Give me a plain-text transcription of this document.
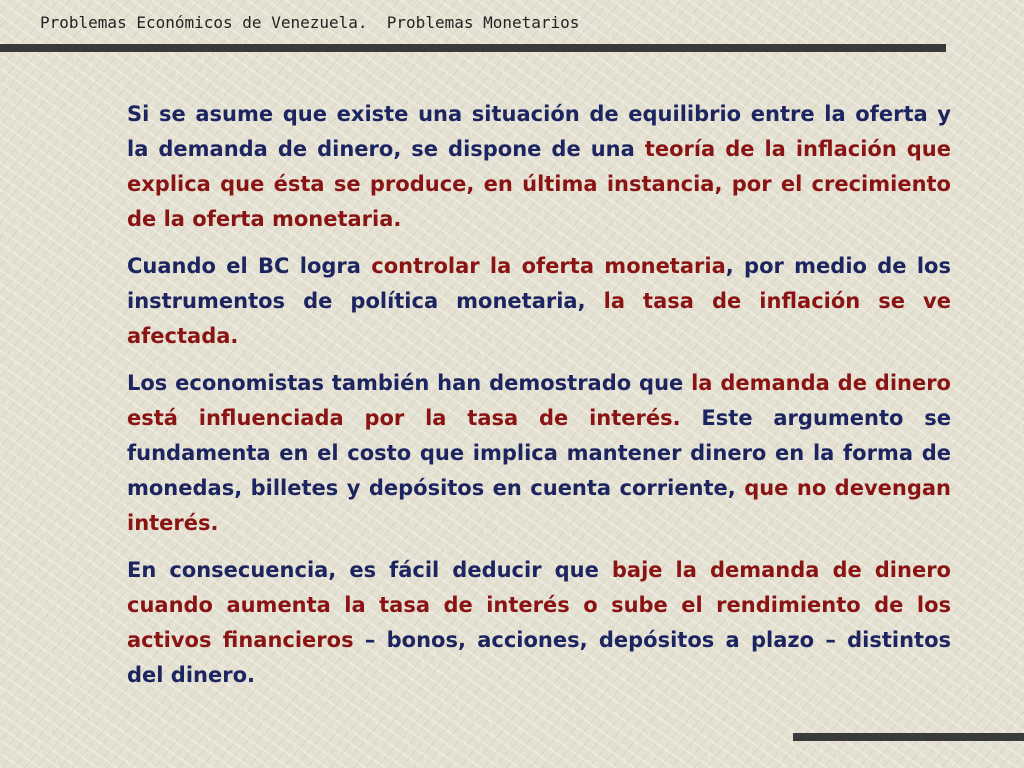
Problemas Económicos de Venezuela.  Problemas Monetarios

Si se asume que existe una situación de equilibrio entre la oferta y la demanda de dinero, se dispone de una teoría de la inflación que explica que ésta se produce, en última instancia, por el crecimiento de la oferta monetaria.

Cuando el BC logra controlar la oferta monetaria, por medio de los instrumentos de política monetaria, la tasa de inflación se ve afectada.

Los economistas también han demostrado que la demanda de dinero está influenciada por la tasa de interés. Este argumento se fundamenta en el costo que implica mantener dinero en la forma de monedas, billetes y depósitos en cuenta corriente, que no devengan interés.

En consecuencia, es fácil deducir que baje la demanda de dinero cuando aumenta la tasa de interés o sube el rendimiento de los activos financieros – bonos, acciones, depósitos a plazo – distintos del dinero.
